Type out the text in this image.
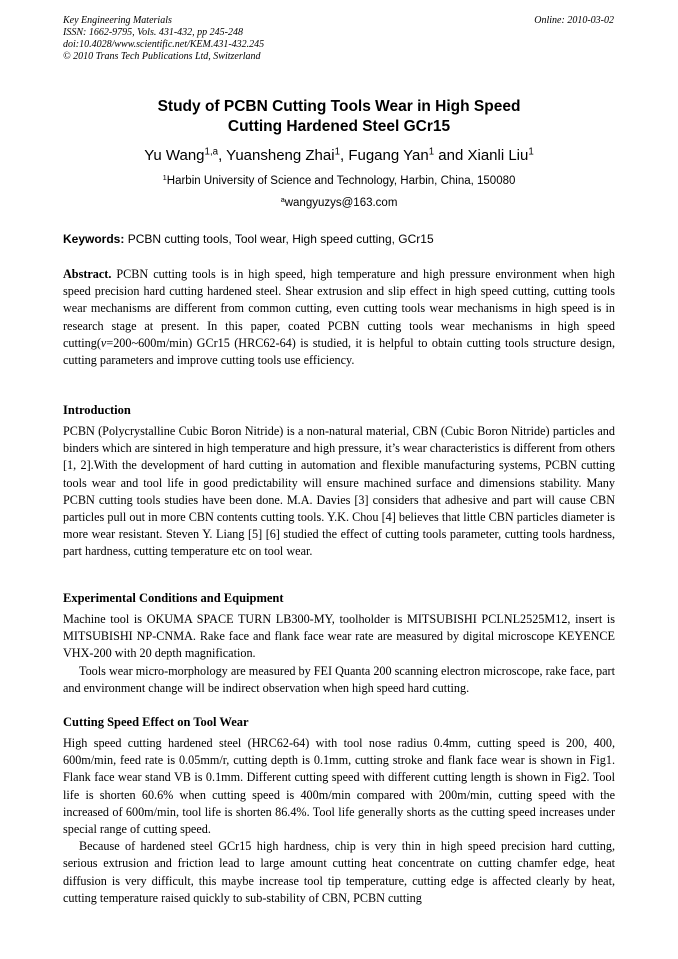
Key Engineering Materials
ISSN: 1662-9795, Vols. 431-432, pp 245-248
doi:10.4028/www.scientific.net/KEM.431-432.245
© 2010 Trans Tech Publications Ltd, Switzerland
Online: 2010-03-02
Study of PCBN Cutting Tools Wear in High Speed
Cutting Hardened Steel GCr15
Yu Wang$^{1,a}$, Yuansheng Zhai$^1$, Fugang Yan$^1$ and Xianli Liu$^1$
$^1$Harbin University of Science and Technology, Harbin, China, 150080
$^a$wangyuzys@163.com
Keywords: PCBN cutting tools, Tool wear, High speed cutting, GCr15

Abstract. PCBN cutting tools is in high speed, high temperature and high pressure environment when high speed precision hard cutting hardened steel. Shear extrusion and slip effect in high speed cutting, cutting tools wear mechanisms are different from common cutting, even cutting tools wear mechanisms in high speed is in research stage at present. In this paper, coated PCBN cutting tools wear mechanisms in high speed cutting(v=200~600m/min) GCr15 (HRC62-64) is studied, it is helpful to obtain cutting tools structure design, cutting parameters and improve cutting tools use efficiency.

Introduction

PCBN (Polycrystalline Cubic Boron Nitride) is a non-natural material, CBN (Cubic Boron Nitride) particles and binders which are sintered in high temperature and high pressure, it’s wear characteristics is different from others [1, 2].With the development of hard cutting in automation and flexible manufacturing systems, PCBN cutting tools wear and tool life in good predictability will ensure machined surface and dimensions stability. Many PCBN cutting tools studies have been done. M.A. Davies [3] considers that adhesive and part will cause CBN particles pull out in more CBN contents cutting tools. Y.K. Chou [4] believes that little CBN particles diameter is more wear resistant. Steven Y. Liang [5] [6] studied the effect of cutting tools parameter, cutting tools hardness, part hardness, cutting temperature etc on tool wear.

Experimental Conditions and Equipment

Machine tool is OKUMA SPACE TURN LB300-MY, toolholder is MITSUBISHI PCLNL2525M12, insert is MITSUBISHI NP-CNMA. Rake face and flank face wear rate are measured by digital microscope KEYENCE VHX-200 with 20 depth magnification.

Tools wear micro-morphology are measured by FEI Quanta 200 scanning electron microscope, rake face, part and environment change will be indirect observation when high speed hard cutting.

Cutting Speed Effect on Tool Wear

High speed cutting hardened steel (HRC62-64) with tool nose radius 0.4mm, cutting speed is 200, 400, 600m/min, feed rate is 0.05mm/r, cutting depth is 0.1mm, cutting stroke and flank face wear is shown in Fig1. Flank face wear stand VB is 0.1mm. Different cutting speed with different cutting length is shown in Fig2. Tool life is shorten 60.6% when cutting speed is 400m/min compared with 200m/min, cutting speed with the increased of 600m/min, tool life is shorten 86.4%. Tool life generally shorts as the cutting speed increases under special range of cutting speed.

Because of hardened steel GCr15 high hardness, chip is very thin in high speed precision hard cutting, serious extrusion and friction lead to large amount cutting heat concentrate on cutting chamfer edge, heat diffusion is very difficult, this maybe increase tool tip temperature, cutting edge is affected clearly by heat, cutting temperature raised quickly to sub-stability of CBN, PCBN cutting
